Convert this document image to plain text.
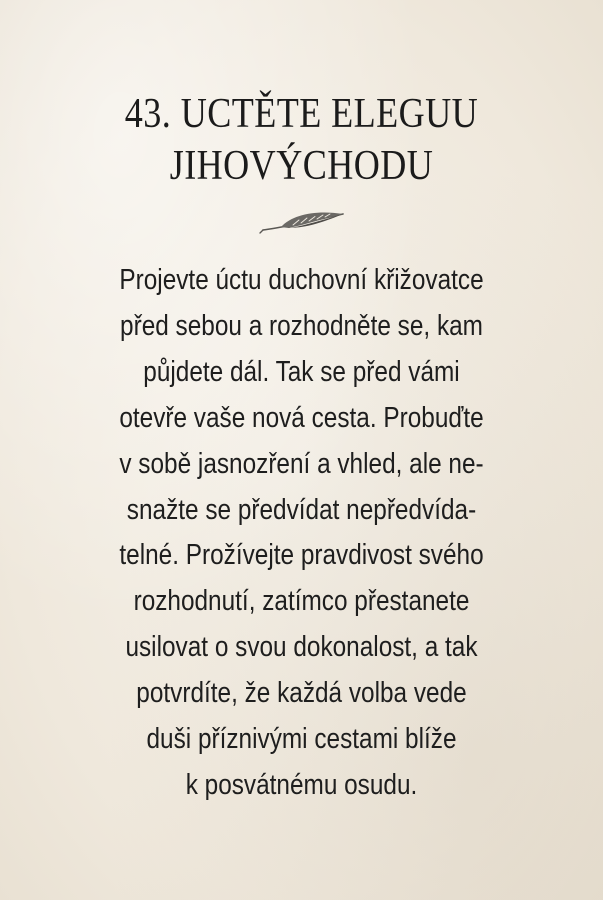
43. UCTĚTE ELEGUU
JIHOVÝCHODU
Projevte úctu duchovní křižovatce
před sebou a rozhodněte se, kam
půjdete dál. Tak se před vámi
otevře vaše nová cesta. Probuďte
v sobě jasnozření a vhled, ale ne-
snažte se předvídat nepředvída-
telné. Prožívejte pravdivost svého
rozhodnutí, zatímco přestanete
usilovat o svou dokonalost, a tak
potvrdíte, že každá volba vede
duši příznivými cestami blíže
k posvátnému osudu.
